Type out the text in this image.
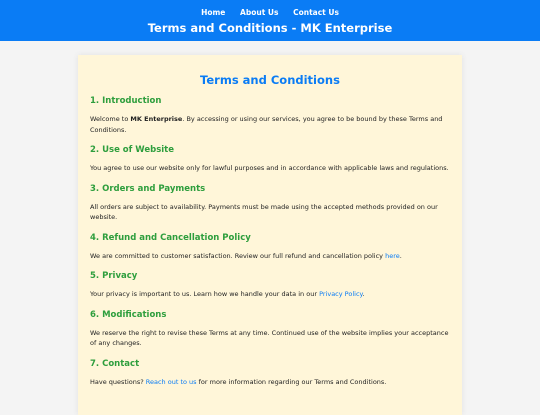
Home About Us Contact Us
Terms and Conditions - MK Enterprise
Terms and Conditions
1. Introduction
Welcome to MK Enterprise. By accessing or using our services, you agree to be bound by these Terms and Conditions.
2. Use of Website
You agree to use our website only for lawful purposes and in accordance with applicable laws and regulations.
3. Orders and Payments
All orders are subject to availability. Payments must be made using the accepted methods provided on our website.
4. Refund and Cancellation Policy
We are committed to customer satisfaction. Review our full refund and cancellation policy here.
5. Privacy
Your privacy is important to us. Learn how we handle your data in our Privacy Policy.
6. Modifications
We reserve the right to revise these Terms at any time. Continued use of the website implies your acceptance of any changes.
7. Contact
Have questions? Reach out to us for more information regarding our Terms and Conditions.
